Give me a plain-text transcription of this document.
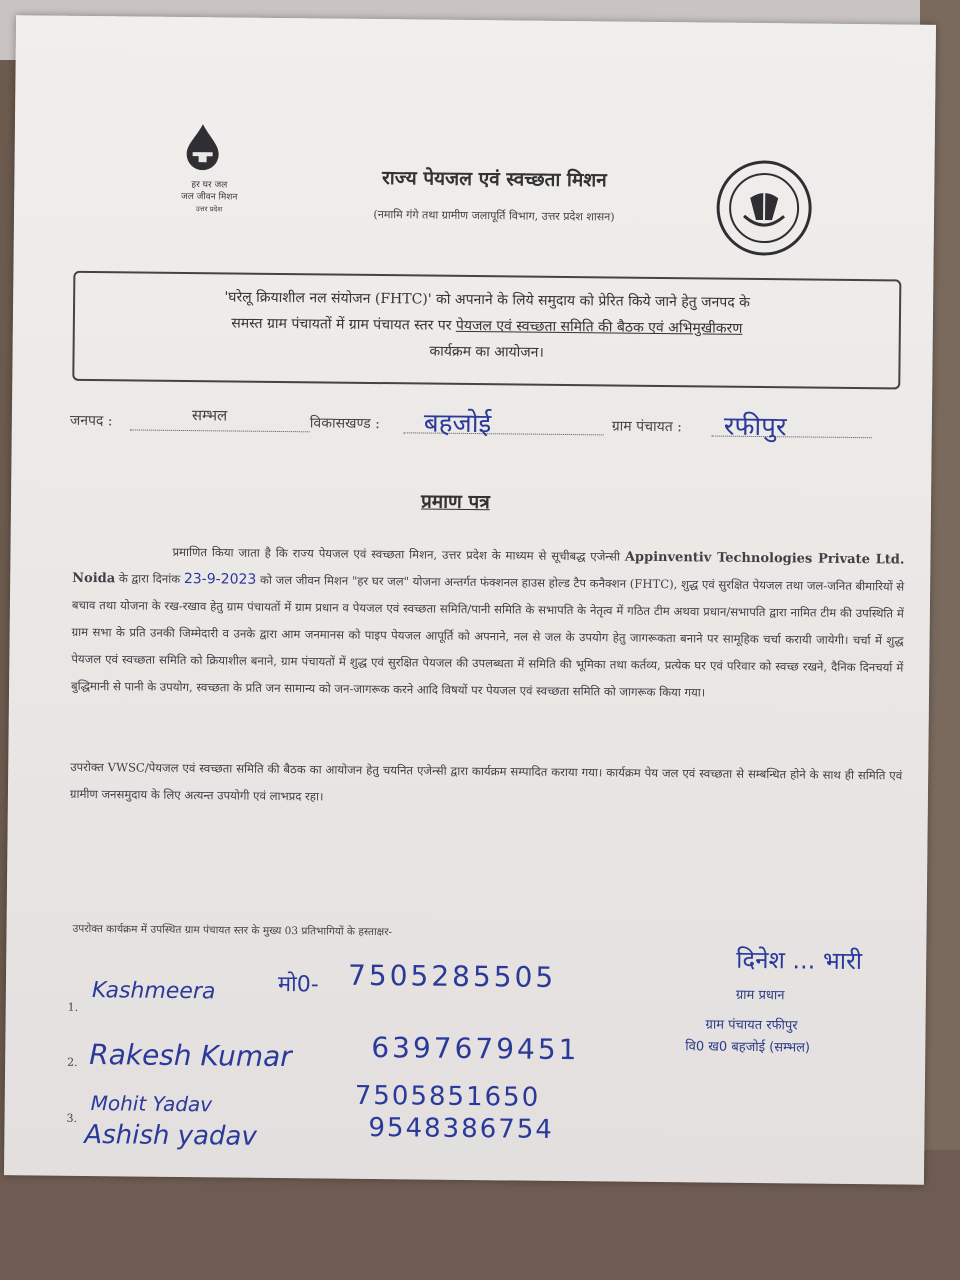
हर घर जल
जल जीवन मिशन
उत्तर प्रदेश
राज्य पेयजल एवं स्वच्छता मिशन
(नमामि गंगे तथा ग्रामीण जलापूर्ति विभाग, उत्तर प्रदेश शासन)
'घरेलू क्रियाशील नल संयोजन (FHTC)' को अपनाने के लिये समुदाय को प्रेरित किये जाने हेतु जनपद के
समस्त ग्राम पंचायतों में ग्राम पंचायत स्तर पर पेयजल एवं स्वच्छता समिति की बैठक एवं अभिमुखीकरण
कार्यक्रम का आयोजन।
जनपद :	सम्भल	विकासखण्ड : बहजोई	ग्राम पंचायत : रफीपुर
प्रमाण पत्र
प्रमाणित किया जाता है कि राज्य पेयजल एवं स्वच्छता मिशन, उत्तर प्रदेश के माध्यम से सूचीबद्ध एजेन्सी Appinventiv Technologies Private Ltd. Noida के द्वारा दिनांक 23-9-2023 को जल जीवन मिशन "हर घर जल" योजना अन्तर्गत फंक्शनल हाउस होल्ड टैप कनैक्शन (FHTC), शुद्ध एवं सुरक्षित पेयजल तथा जल-जनित बीमारियों से बचाव तथा योजना के रख-रखाव हेतु ग्राम पंचायतों में ग्राम प्रधान व पेयजल एवं स्वच्छता समिति/पानी समिति के सभापति के नेतृत्व में गठित टीम अथवा प्रधान/सभापति द्वारा नामित टीम की उपस्थिति में ग्राम सभा के प्रति उनकी जिम्मेदारी व उनके द्वारा आम जनमानस को पाइप पेयजल आपूर्ति को अपनाने, नल से जल के उपयोग हेतु जागरूकता बनाने पर सामूहिक चर्चा करायी जायेगी। चर्चा में शुद्ध पेयजल एवं स्वच्छता समिति को क्रियाशील बनाने, ग्राम पंचायतों में शुद्ध एवं सुरक्षित पेयजल की उपलब्धता में समिति की भूमिका तथा कर्तव्य, प्रत्येक घर एवं परिवार को स्वच्छ रखने, दैनिक दिनचर्या में बुद्धिमानी से पानी के उपयोग, स्वच्छता के प्रति जन सामान्य को जन-जागरूक करने आदि विषयों पर पेयजल एवं स्वच्छता समिति को जागरूक किया गया।
उपरोक्त VWSC/पेयजल एवं स्वच्छता समिति की बैठक का आयोजन हेतु चयनित एजेन्सी द्वारा कार्यक्रम सम्पादित कराया गया। कार्यक्रम पेय जल एवं स्वच्छता से सम्बन्धित होने के साथ ही समिति एवं ग्रामीण जनसमुदाय के लिए अत्यन्त उपयोगी एवं लाभप्रद रहा।
उपरोक्त कार्यक्रम में उपस्थित ग्राम पंचायत स्तर के मुख्य 03 प्रतिभागियों के हस्ताक्षर-
1.
Kashmeera	मो0- 7505285505
2. Rakesh Kumar	6397679451
3.
Mohit Yadav	7505851650
Ashish yadav	9548386754
दिनेश ... भारी
ग्राम प्रधान
ग्राम पंचायत रफीपुर
वि0 ख0 बहजोई (सम्भल)
